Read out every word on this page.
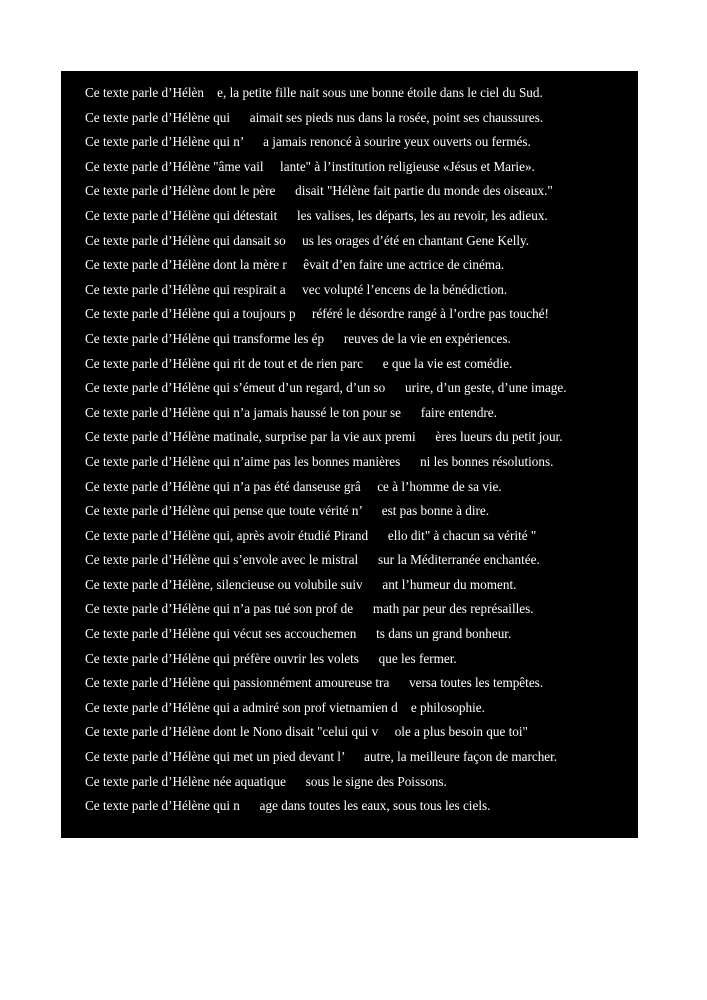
Ce texte parle d’Hélèn    e, la petite fille nait sous une bonne étoile dans le ciel du Sud.
Ce texte parle d’Hélène qui      aimait ses pieds nus dans la rosée, point ses chaussures.
Ce texte parle d’Hélène qui n’      a jamais renoncé à sourire yeux ouverts ou fermés.
Ce texte parle d’Hélène "âme vail     lante" à l’institution religieuse «Jésus et Marie».
Ce texte parle d’Hélène dont le père      disait "Hélène fait partie du monde des oiseaux."
Ce texte parle d’Hélène qui détestait      les valises, les départs, les au revoir, les adieux.
Ce texte parle d’Hélène qui dansait so     us les orages d’été en chantant Gene Kelly.
Ce texte parle d’Hélène dont la mère r     êvait d’en faire une actrice de cinéma.
Ce texte parle d’Hélène qui respirait a     vec volupté l’encens de la bénédiction.
Ce texte parle d’Hélène qui a toujours p     référé le désordre rangé à l’ordre pas touché!
Ce texte parle d’Hélène qui transforme les ép      reuves de la vie en expériences.
Ce texte parle d’Hélène qui rit de tout et de rien parc      e que la vie est comédie.
Ce texte parle d’Hélène qui s’émeut d’un regard, d’un so      urire, d’un geste, d’une image.
Ce texte parle d’Hélène qui n’a jamais haussé le ton pour se      faire entendre.
Ce texte parle d’Hélène matinale, surprise par la vie aux premi      ères lueurs du petit jour.
Ce texte parle d’Hélène qui n’aime pas les bonnes manières      ni les bonnes résolutions.
Ce texte parle d’Hélène qui n’a pas été danseuse grâ     ce à l’homme de sa vie.
Ce texte parle d’Hélène qui pense que toute vérité n’      est pas bonne à dire.
Ce texte parle d’Hélène qui, après avoir étudié Pirand      ello dit" à chacun sa vérité "
Ce texte parle d’Hélène qui s’envole avec le mistral      sur la Méditerranée enchantée.
Ce texte parle d’Hélène, silencieuse ou volubile suiv      ant l’humeur du moment.
Ce texte parle d’Hélène qui n’a pas tué son prof de      math par peur des représailles.
Ce texte parle d’Hélène qui vécut ses accouchemen      ts dans un grand bonheur.
Ce texte parle d’Hélène qui préfère ouvrir les volets      que les fermer.
Ce texte parle d’Hélène qui passionnément amoureuse tra      versa toutes les tempêtes.
Ce texte parle d’Hélène qui a admiré son prof vietnamien d    e philosophie.
Ce texte parle d’Hélène dont le Nono disait "celui qui v     ole a plus besoin que toi"
Ce texte parle d’Hélène qui met un pied devant l’      autre, la meilleure façon de marcher.
Ce texte parle d’Hélène née aquatique      sous le signe des Poissons.
Ce texte parle d’Hélène qui n      age dans toutes les eaux, sous tous les ciels.
